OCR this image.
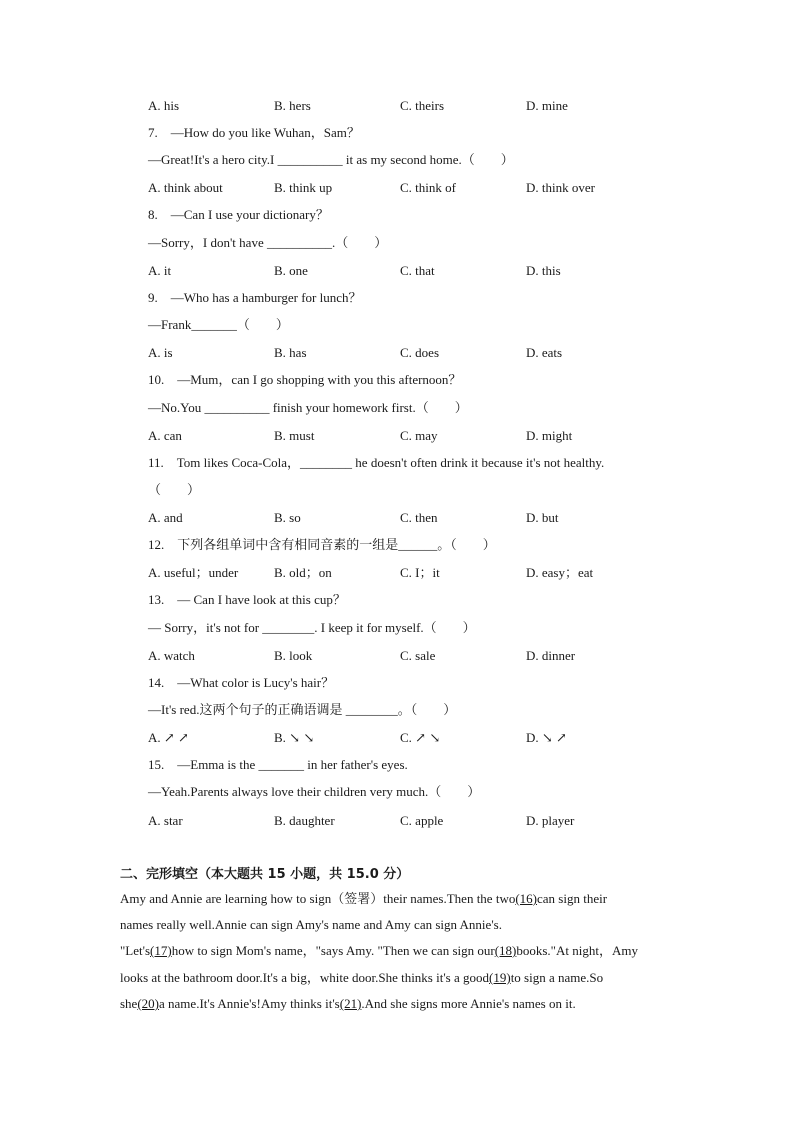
A. his	B. hers	C. theirs	D. mine
7.　—How do you like Wuhan，Sam？
—Great!It's a hero city.I __________ it as my second home.（　　）
A. think about	B. think up	C. think of	D. think over
8.　—Can I use your dictionary？
—Sorry，I don't have __________.（　　）
A. it	B. one	C. that	D. this
9.　—Who has a hamburger for lunch？
—Frank_______（　　）
A. is	B. has	C. does	D. eats
10.　—Mum，can I go shopping with you this afternoon？
—No.You __________ finish your homework first.（　　）
A. can	B. must	C. may	D. might
11.　Tom likes Coca-Cola，________ he doesn't often drink it because it's not healthy.
（　　）
A. and	B. so	C. then	D. but
12.　下列各组单词中含有相同音素的一组是______。（　　）
A. useful；under	B. old；on	C. I；it	D. easy；eat
13.　— Can I have look at this cup？
— Sorry，it's not for ________. I keep it for myself.（　　）
A. watch	B. look	C. sale	D. dinner
14.　—What color is Lucy's hair？
—It's red.这两个句子的正确语调是 ________。（　　）
A. ↗ ↗	B. ↘ ↘	C. ↗ ↘	D. ↘ ↗
15.　—Emma is the _______ in her father's eyes.
—Yeah.Parents always love their children very much.（　　）
A. star	B. daughter	C. apple	D. player
二、完形填空（本大题共 15 小题，共 15.0 分）
Amy and Annie are learning how to sign（签署）their names.Then the two(16)can sign their
names really well.Annie can sign Amy's name and Amy can sign Annie's.
"Let's(17)how to sign Mom's name，"says Amy. "Then we can sign our(18)books."At night，Amy
looks at the bathroom door.It's a big，white door.She thinks it's a good(19)to sign a name.So
she(20)a name.It's Annie's!Amy thinks it's(21).And she signs more Annie's names on it.
